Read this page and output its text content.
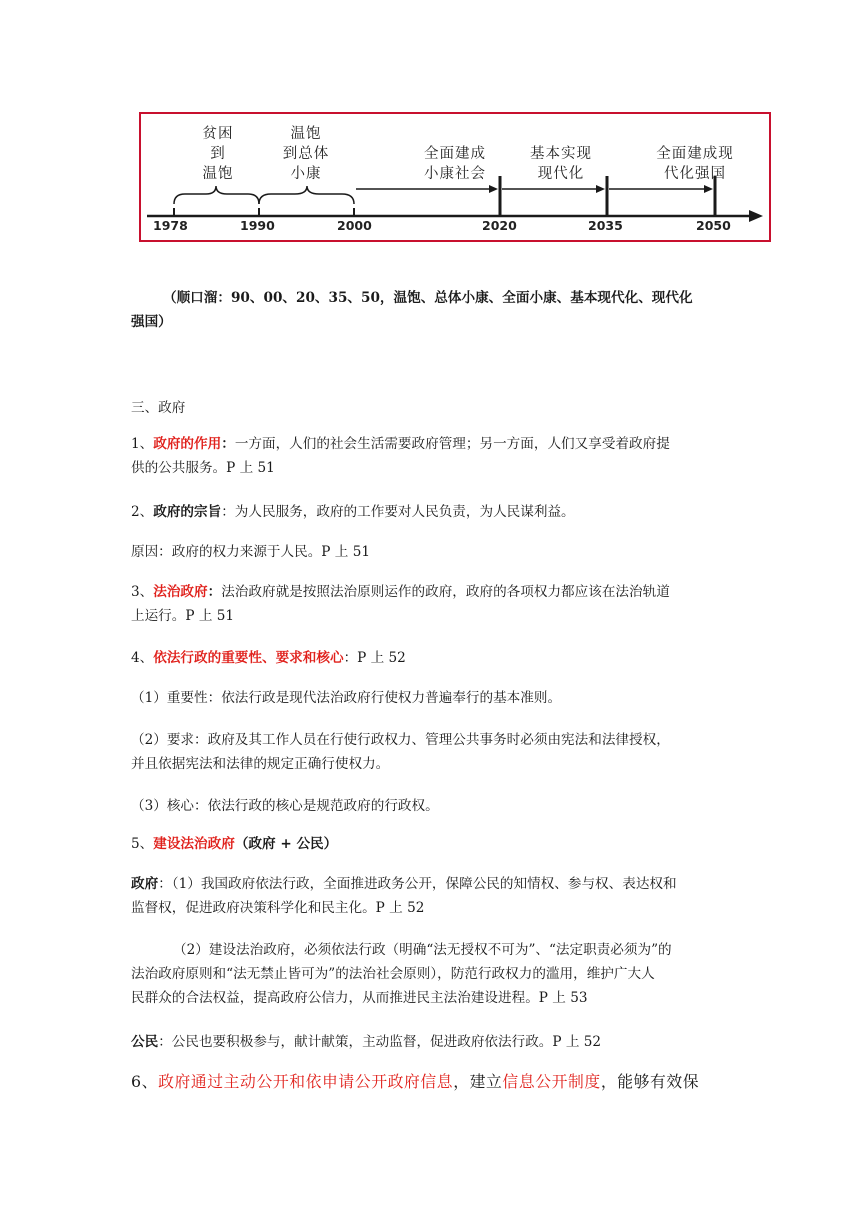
贫困
到
温饱
温饱
到总体
小康
全面建成
小康社会
基本实现
现代化
全面建成现
代化强国
1978	1990	2000	2020	2035	2050
（顺口溜：90、00、20、35、50，温饱、总体小康、全面小康、基本现代化、现代化
强国）
三、政府
1、政府的作用：一方面，人们的社会生活需要政府管理；另一方面，人们又享受着政府提
供的公共服务。P 上 51
2、政府的宗旨：为人民服务，政府的工作要对人民负责，为人民谋利益。
原因：政府的权力来源于人民。P 上 51
3、法治政府：法治政府就是按照法治原则运作的政府，政府的各项权力都应该在法治轨道
上运行。P 上 51
4、依法行政的重要性、要求和核心：P 上 52
（1）重要性：依法行政是现代法治政府行使权力普遍奉行的基本准则。
（2）要求：政府及其工作人员在行使行政权力、管理公共事务时必须由宪法和法律授权，
并且依据宪法和法律的规定正确行使权力。
（3）核心：依法行政的核心是规范政府的行政权。
5、建设法治政府（政府 + 公民）
政府：（1）我国政府依法行政，全面推进政务公开，保障公民的知情权、参与权、表达权和
监督权，促进政府决策科学化和民主化。P 上 52
（2）建设法治政府，必须依法行政（明确“法无授权不可为”、“法定职责必须为”的
法治政府原则和“法无禁止皆可为”的法治社会原则），防范行政权力的滥用，维护广大人
民群众的合法权益，提高政府公信力，从而推进民主法治建设进程。P 上 53
公民：公民也要积极参与，献计献策，主动监督，促进政府依法行政。P 上 52
6、政府通过主动公开和依申请公开政府信息，建立信息公开制度，能够有效保
